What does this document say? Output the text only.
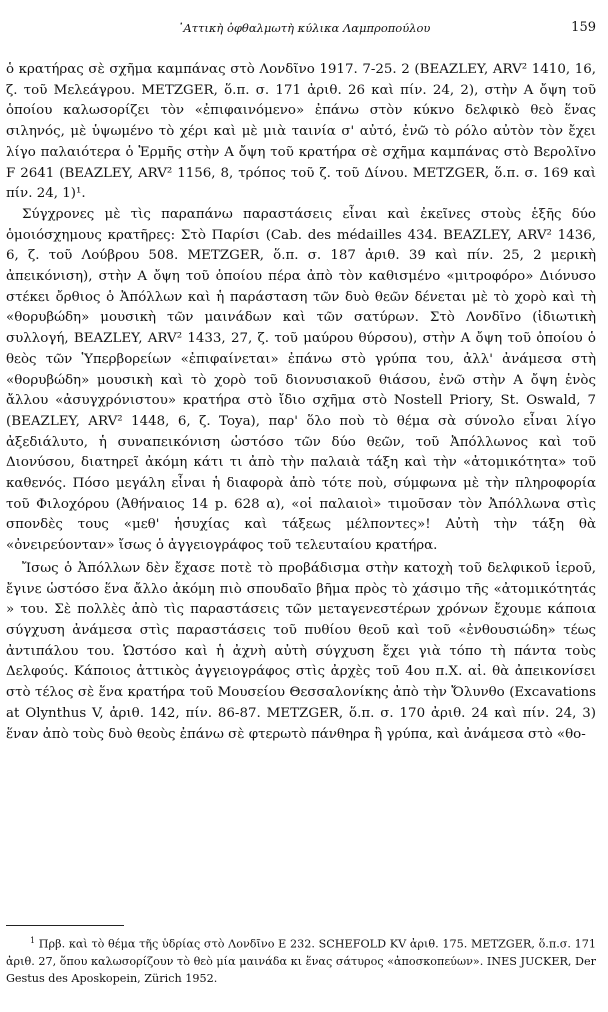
᾿Αττικὴ ὀφθαλμωτὴ κύλικα Λαμπροπούλου	159

ὁ κρατήρας σὲ σχῆμα καμπάνας στὸ Λονδῖνο 1917. 7-25. 2 (BEAZLEY, ARV² 1410, 16, ζ. τοῦ Μελεάγρου. METZGER, ὅ.π. σ. 171 ἀριθ. 26 καὶ πίν. 24, 2), στὴν Α ὄψη τοῦ ὁποίου καλωσορίζει τὸν «ἐπιφαινόμενο» ἐπάνω στὸν κύκνο δελφικὸ θεὸ ἕνας σιληνός, μὲ ὑψωμένο τὸ χέρι καὶ μὲ μιὰ ταινία σ' αὐτό, ἐνῶ τὸ ρόλο αὐτὸν τὸν ἔχει λίγο παλαιότερα ὁ Ἑρμῆς στὴν Α ὄψη τοῦ κρατήρα σὲ σχῆμα καμπάνας στὸ Βερολῖνο F 2641 (BEAZLEY, ARV² 1156, 8, τρόπος τοῦ ζ. τοῦ Δίνου. METZGER, ὅ.π. σ. 169 καὶ πίν. 24, 1)¹.

Σύγχρονες μὲ τὶς παραπάνω παραστάσεις εἶναι καὶ ἐκεῖνες στοὺς ἑξῆς δύο ὁμοιόσχημους κρατῆρες: Στὸ Παρίσι (Cab. des médailles 434. BEAZLEY, ARV² 1436, 6, ζ. τοῦ Λούβρου 508. METZGER, ὅ.π. σ. 187 ἀριθ. 39 καὶ πίν. 25, 2 μερικὴ ἀπεικόνιση), στὴν Α ὄψη τοῦ ὁποίου πέρα ἀπὸ τὸν καθισμένο «μιτροφόρο» Διόνυσο στέκει ὄρθιος ὁ Ἀπόλλων καὶ ἡ παράσταση τῶν δυὸ θεῶν δένεται μὲ τὸ χορὸ καὶ τὴ «θορυβώδη» μουσικὴ τῶν μαινάδων καὶ τῶν σατύρων. Στὸ Λονδῖνο (ἰδιωτικὴ συλλογή, BEAZLEY, ARV² 1433, 27, ζ. τοῦ μαύρου θύρσου), στὴν Α ὄψη τοῦ ὁποίου ὁ θεὸς τῶν Ὑπερβορείων «ἐπιφαίνεται» ἐπάνω στὸ γρύπα του, ἀλλ' ἀνάμεσα στὴ «θορυβώδη» μουσικὴ καὶ τὸ χορὸ τοῦ διονυσιακοῦ θιάσου, ἐνῶ στὴν Α ὄψη ἑνὸς ἄλλου «ἀσυγχρόνιστου» κρατήρα στὸ ἴδιο σχῆμα στὸ Nostell Priory, St. Oswald, 7 (BEAZLEY, ARV² 1448, 6, ζ. Toya), παρ' ὅλο ποὺ τὸ θέμα σὰ σύνολο εἶναι λίγο ἀξεδιάλυτο, ἡ συναπεικόνιση ὡστόσο τῶν δύο θεῶν, τοῦ Ἀπόλλωνος καὶ τοῦ Διονύσου, διατηρεῖ ἀκόμη κάτι τι ἀπὸ τὴν παλαιὰ τάξη καὶ τὴν «ἀτομικότητα» τοῦ καθενός. Πόσο μεγάλη εἶναι ἡ διαφορὰ ἀπὸ τότε ποὺ, σύμφωνα μὲ τὴν πληροφορία τοῦ Φιλοχόρου (Ἀθήναιος 14 p. 628 α), «οἱ παλαιοὶ» τιμοῦσαν τὸν Ἀπόλλωνα στὶς σπονδὲς τους «μεθ' ἡσυχίας καὶ τάξεως μέλποντες»! Αὐτὴ τὴν τάξη θὰ «ὀνειρεύονταν» ἴσως ὁ ἀγγειογράφος τοῦ τελευταίου κρατήρα.

Ἴσως ὁ Ἀπόλλων δὲν ἔχασε ποτὲ τὸ προβάδισμα στὴν κατοχὴ τοῦ δελφικοῦ ἱεροῦ, ἔγινε ὡστόσο ἕνα ἄλλο ἀκόμη πιὸ σπουδαῖο βῆμα πρὸς τὸ χάσιμο τῆς «ἀτομικότητάς » του. Σὲ πολλὲς ἀπὸ τὶς παραστάσεις τῶν μεταγενεστέρων χρόνων ἔχουμε κάποια σύγχυση ἀνάμεσα στὶς παραστάσεις τοῦ πυθίου θεοῦ καὶ τοῦ «ἐνθουσιώδη» τέως ἀντιπάλου του. Ὡστόσο καὶ ἡ ἀχνὴ αὐτὴ σύγχυση ἔχει γιὰ τόπο τὴ πάντα τοὺς Δελφούς. Κάποιος ἀττικὸς ἀγγειογράφος στὶς ἀρχὲς τοῦ 4ου π.Χ. αἰ. θὰ ἀπεικονίσει στὸ τέλος σὲ ἕνα κρατήρα τοῦ Μουσείου Θεσσαλονίκης ἀπὸ τὴν Ὄλυνθο (Excavations at Olynthus V, ἀριθ. 142, πίν. 86-87. METZGER, ὅ.π. σ. 170 ἀριθ. 24 καὶ πίν. 24, 3) ἕναν ἀπὸ τοὺς δυὸ θεοὺς ἐπάνω σὲ φτερωτὸ πάνθηρα ἢ γρύπα, καὶ ἀνάμεσα στὸ «θο-

$^1$ Πρβ. καὶ τὸ θέμα τῆς ὑδρίας στὸ Λονδῖνο Ε 232. SCHEFOLD KV ἀριθ. 175. METZGER, ὅ.π.σ. 171 ἀριθ. 27, ὅπου καλωσορίζουν τὸ θεὸ μία μαινάδα κι ἕνας σάτυρος «ἀποσκοπεύων». INES JUCKER, Der Gestus des Aposkopein, Zürich 1952.
